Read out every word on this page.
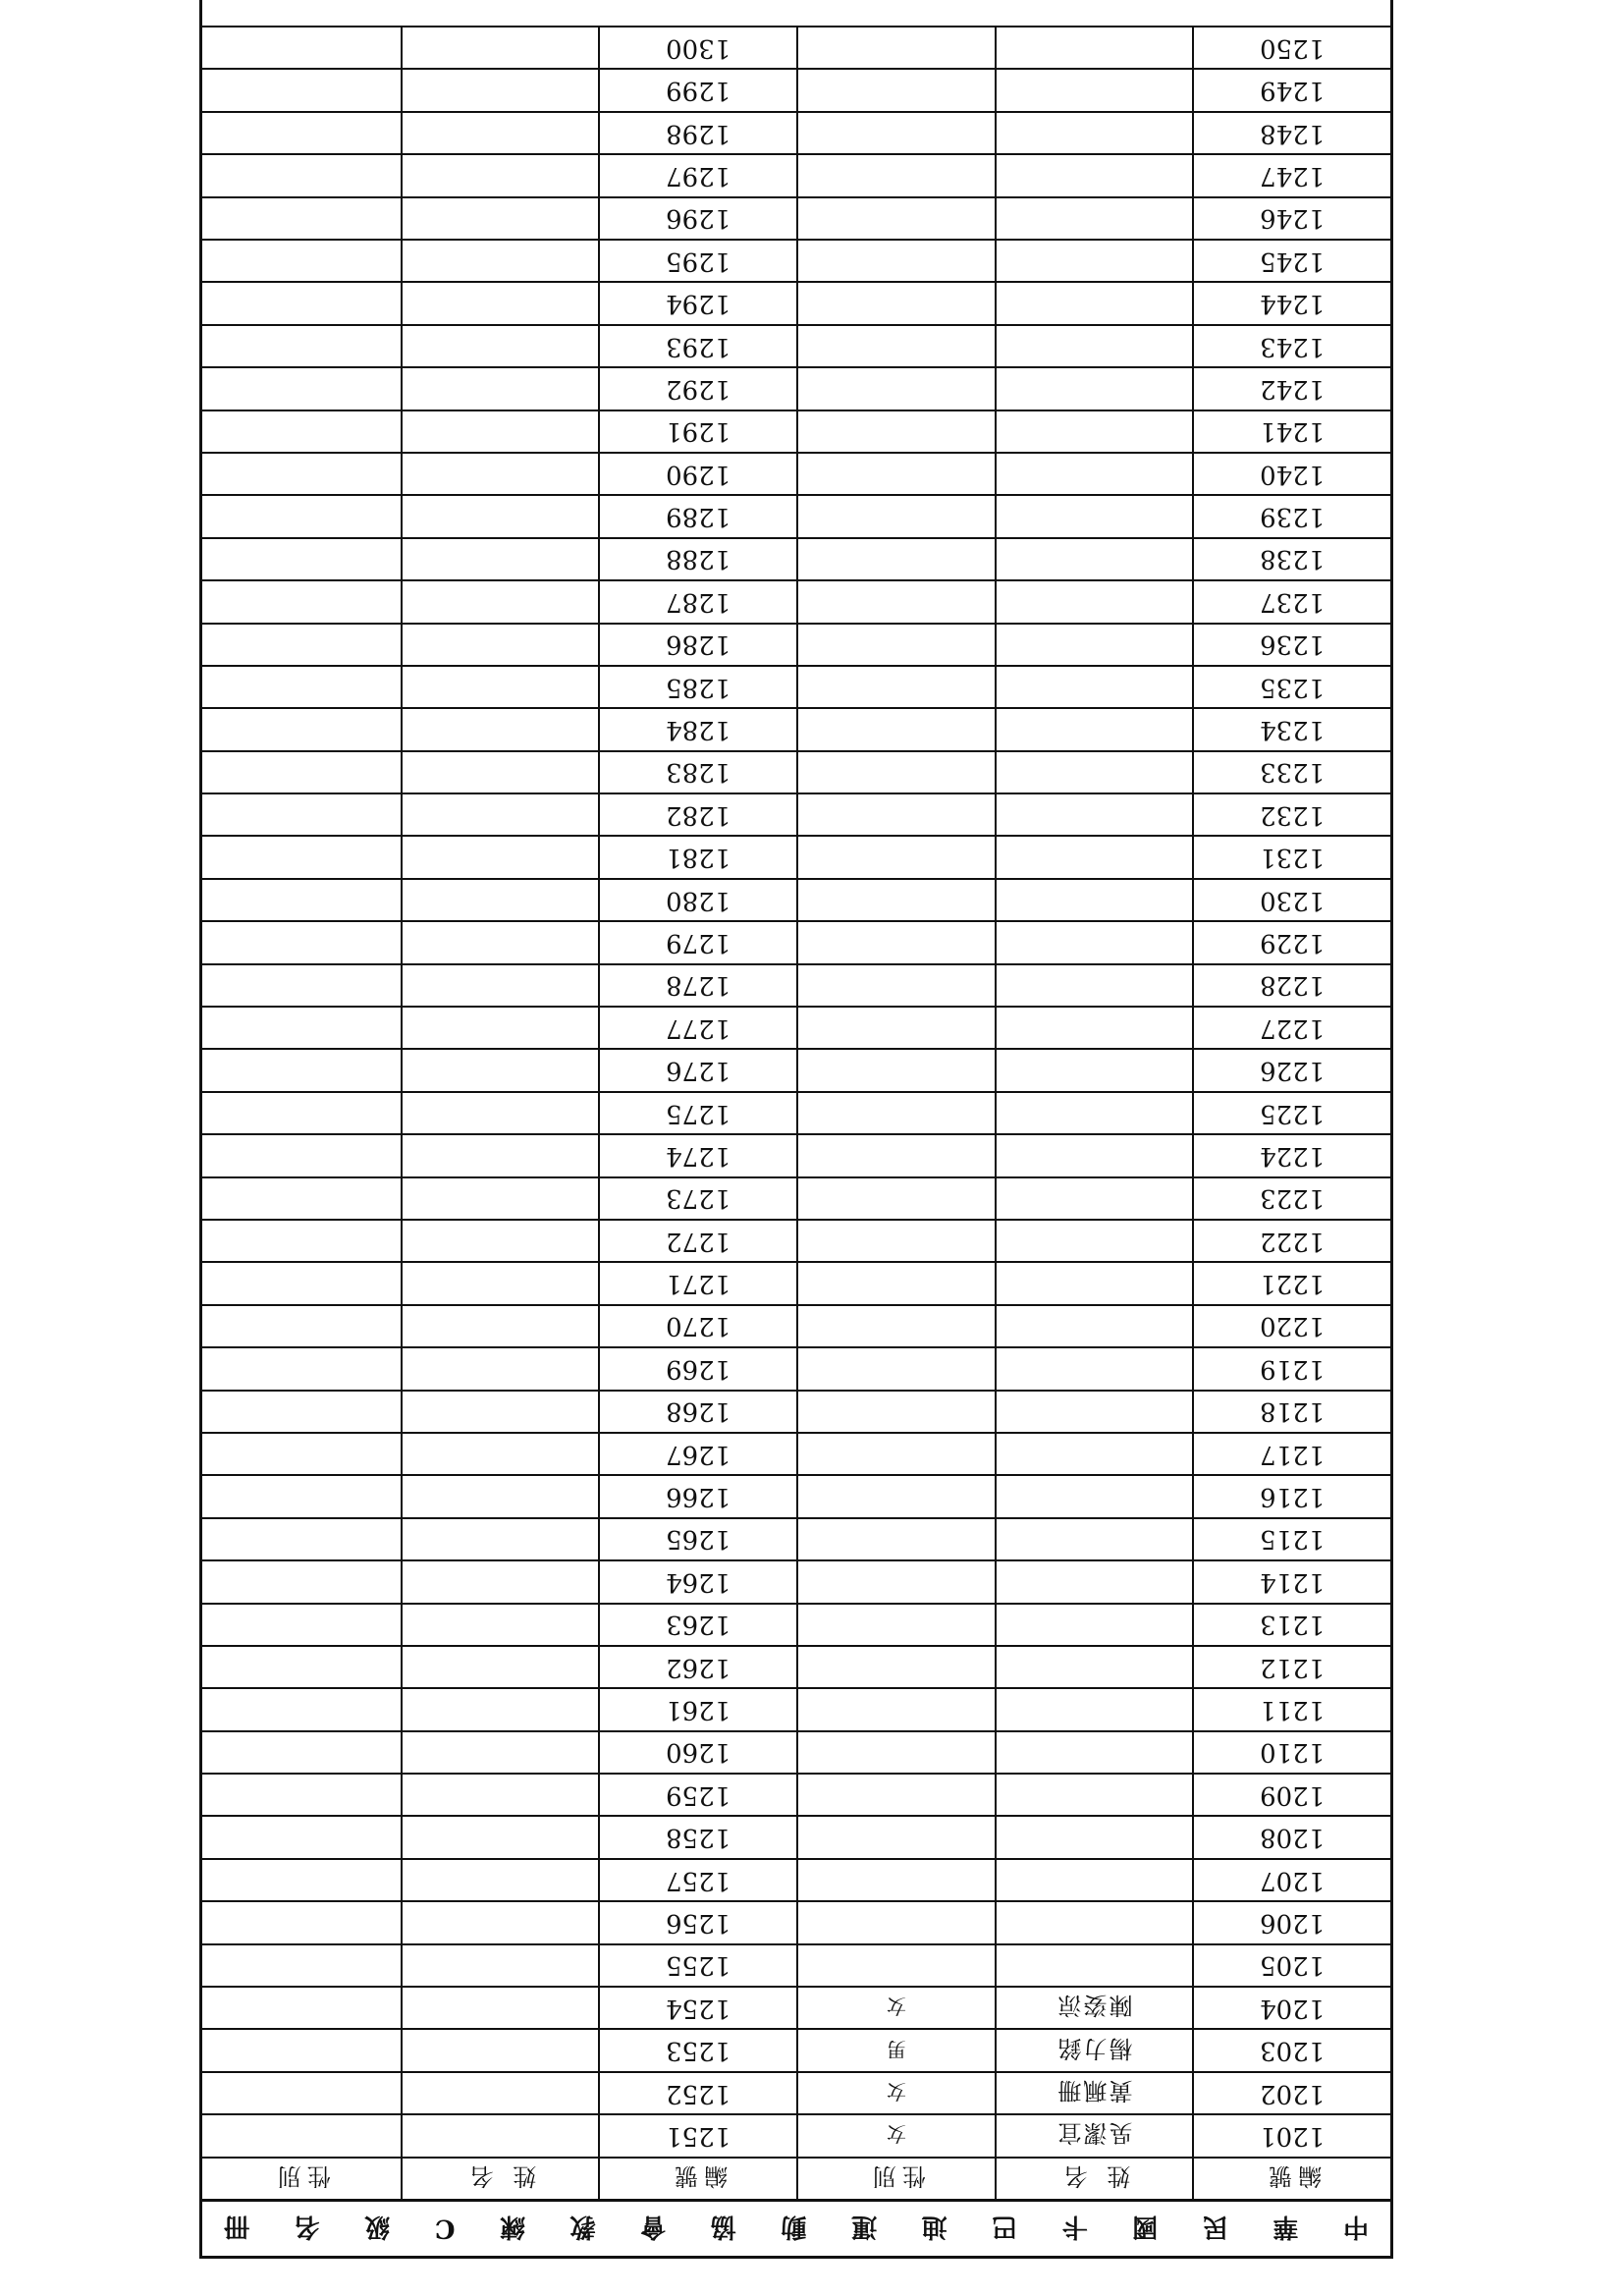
中
華
民
國
卡
巴
迪
運
動
協
會
教
練
C
級
名
冊
編號
姓 名
性別
編號
姓 名
性別
1201
吳潔宜
女
1251
1202
黃珮珊
女
1252
1203
楊力銘
男
1253
1204
陳姿涼
女
1254
1205
1255
1206
1256
1207
1257
1208
1258
1209
1259
1210
1260
1211
1261
1212
1262
1213
1263
1214
1264
1215
1265
1216
1266
1217
1267
1218
1268
1219
1269
1220
1270
1221
1271
1222
1272
1223
1273
1224
1274
1225
1275
1226
1276
1227
1277
1228
1278
1229
1279
1230
1280
1231
1281
1232
1282
1233
1283
1234
1284
1235
1285
1236
1286
1237
1287
1238
1288
1239
1289
1240
1290
1241
1291
1242
1292
1243
1293
1244
1294
1245
1295
1246
1296
1247
1297
1248
1298
1249
1299
1250
1300
